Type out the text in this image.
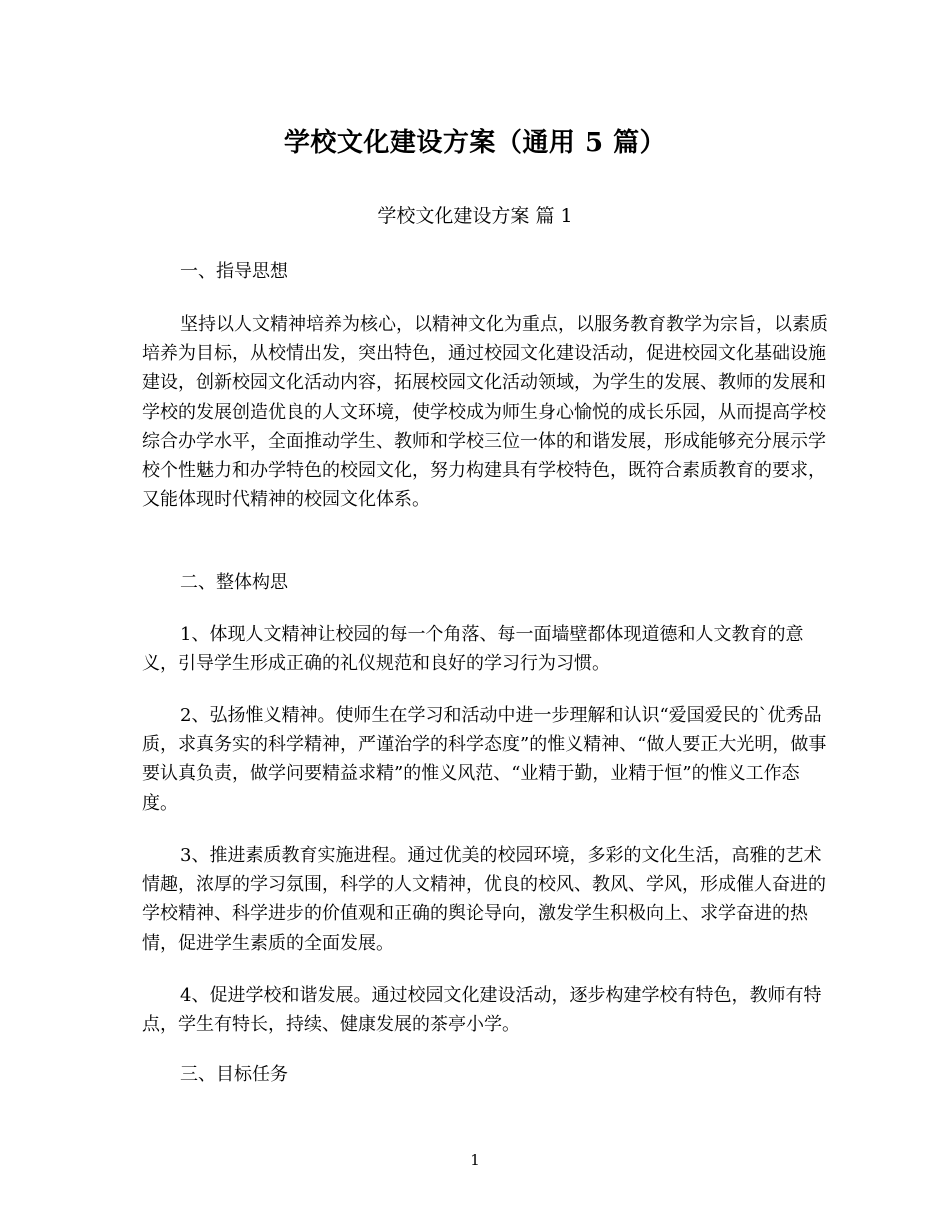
学校文化建设方案（通用 5 篇）
学校文化建设方案 篇 1

一、指导思想

坚持以人文精神培养为核心，以精神文化为重点，以服务教育教学为宗旨，以素质培养为目标，从校情出发，突出特色，通过校园文化建设活动，促进校园文化基础设施建设，创新校园文化活动内容，拓展校园文化活动领域，为学生的发展、教师的发展和学校的发展创造优良的人文环境，使学校成为师生身心愉悦的成长乐园，从而提高学校综合办学水平，全面推动学生、教师和学校三位一体的和谐发展，形成能够充分展示学校个性魅力和办学特色的校园文化，努力构建具有学校特色，既符合素质教育的要求，又能体现时代精神的校园文化体系。

二、整体构思

1、体现人文精神让校园的每一个角落、每一面墙壁都体现道德和人文教育的意义，引导学生形成正确的礼仪规范和良好的学习行为习惯。

2、弘扬惟义精神。使师生在学习和活动中进一步理解和认识“爱国爱民的`优秀品质，求真务实的科学精神，严谨治学的科学态度”的惟义精神、“做人要正大光明，做事要认真负责，做学问要精益求精”的惟义风范、“业精于勤，业精于恒”的惟义工作态度。

3、推进素质教育实施进程。通过优美的校园环境，多彩的文化生活，高雅的艺术情趣，浓厚的学习氛围，科学的人文精神，优良的校风、教风、学风，形成催人奋进的学校精神、科学进步的价值观和正确的舆论导向，激发学生积极向上、求学奋进的热情，促进学生素质的全面发展。

4、促进学校和谐发展。通过校园文化建设活动，逐步构建学校有特色，教师有特点，学生有特长，持续、健康发展的茶亭小学。

三、目标任务

1
